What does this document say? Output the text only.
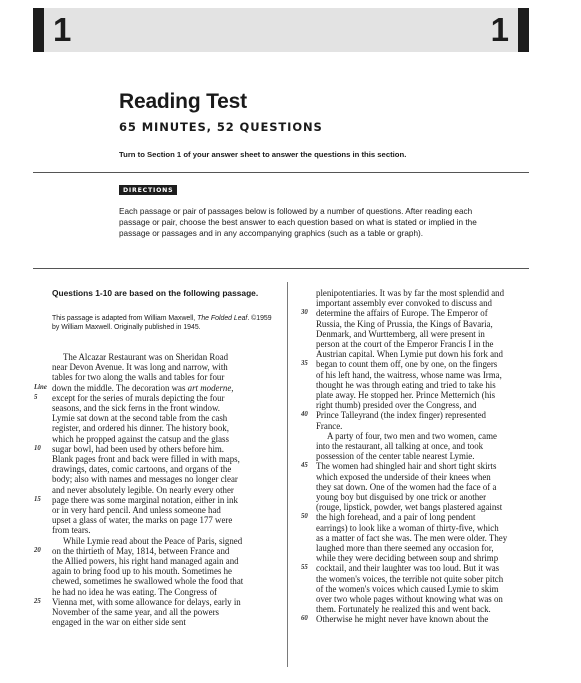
1	1
Reading Test
65 MINUTES, 52 QUESTIONS
Turn to Section 1 of your answer sheet to answer the questions in this section.
DIRECTIONS
Each passage or pair of passages below is followed by a number of questions. After reading each passage or pair, choose the best answer to each question based on what is stated or implied in the passage or passages and in any accompanying graphics (such as a table or graph).
Questions 1-10 are based on the following passage.
This passage is adapted from William Maxwell, The Folded Leaf. ©1959 by William Maxwell. Originally published in 1945.
The Alcazar Restaurant was on Sheridan Road
near Devon Avenue. It was long and narrow, with
tables for two along the walls and tables for four
down the middle. The decoration was art moderne,
Line
except for the series of murals depicting the four
5
seasons, and the sick ferns in the front window.
Lymie sat down at the second table from the cash
register, and ordered his dinner. The history book,
which he propped against the catsup and the glass
sugar bowl, had been used by others before him.
10
Blank pages front and back were filled in with maps,
drawings, dates, comic cartoons, and organs of the
body; also with names and messages no longer clear
and never absolutely legible. On nearly every other
page there was some marginal notation, either in ink
15
or in very hard pencil. And unless someone had
upset a glass of water, the marks on page 177 were
from tears.
While Lymie read about the Peace of Paris, signed
on the thirtieth of May, 1814, between France and
20
the Allied powers, his right hand managed again and
again to bring food up to his mouth. Sometimes he
chewed, sometimes he swallowed whole the food that
he had no idea he was eating. The Congress of
Vienna met, with some allowance for delays, early in
25
November of the same year, and all the powers
engaged in the war on either side sent
plenipotentiaries. It was by far the most splendid and
important assembly ever convoked to discuss and
determine the affairs of Europe. The Emperor of
30
Russia, the King of Prussia, the Kings of Bavaria,
Denmark, and Wurttemberg, all were present in
person at the court of the Emperor Francis I in the
Austrian capital. When Lymie put down his fork and
began to count them off, one by one, on the fingers
35
of his left hand, the waitress, whose name was Irma,
thought he was through eating and tried to take his
plate away. He stopped her. Prince Metternich (his
right thumb) presided over the Congress, and
Prince Talleyrand (the index finger) represented
40
France.
A party of four, two men and two women, came
into the restaurant, all talking at once, and took
possession of the center table nearest Lymie.
The women had shingled hair and short tight skirts
45
which exposed the underside of their knees when
they sat down. One of the women had the face of a
young boy but disguised by one trick or another
(rouge, lipstick, powder, wet bangs plastered against
the high forehead, and a pair of long pendent
50
earrings) to look like a woman of thirty-five, which
as a matter of fact she was. The men were older. They
laughed more than there seemed any occasion for,
while they were deciding between soup and shrimp
cocktail, and their laughter was too loud. But it was
55
the women's voices, the terrible not quite sober pitch
of the women's voices which caused Lymie to skim
over two whole pages without knowing what was on
them. Fortunately he realized this and went back.
Otherwise he might never have known about the
60
